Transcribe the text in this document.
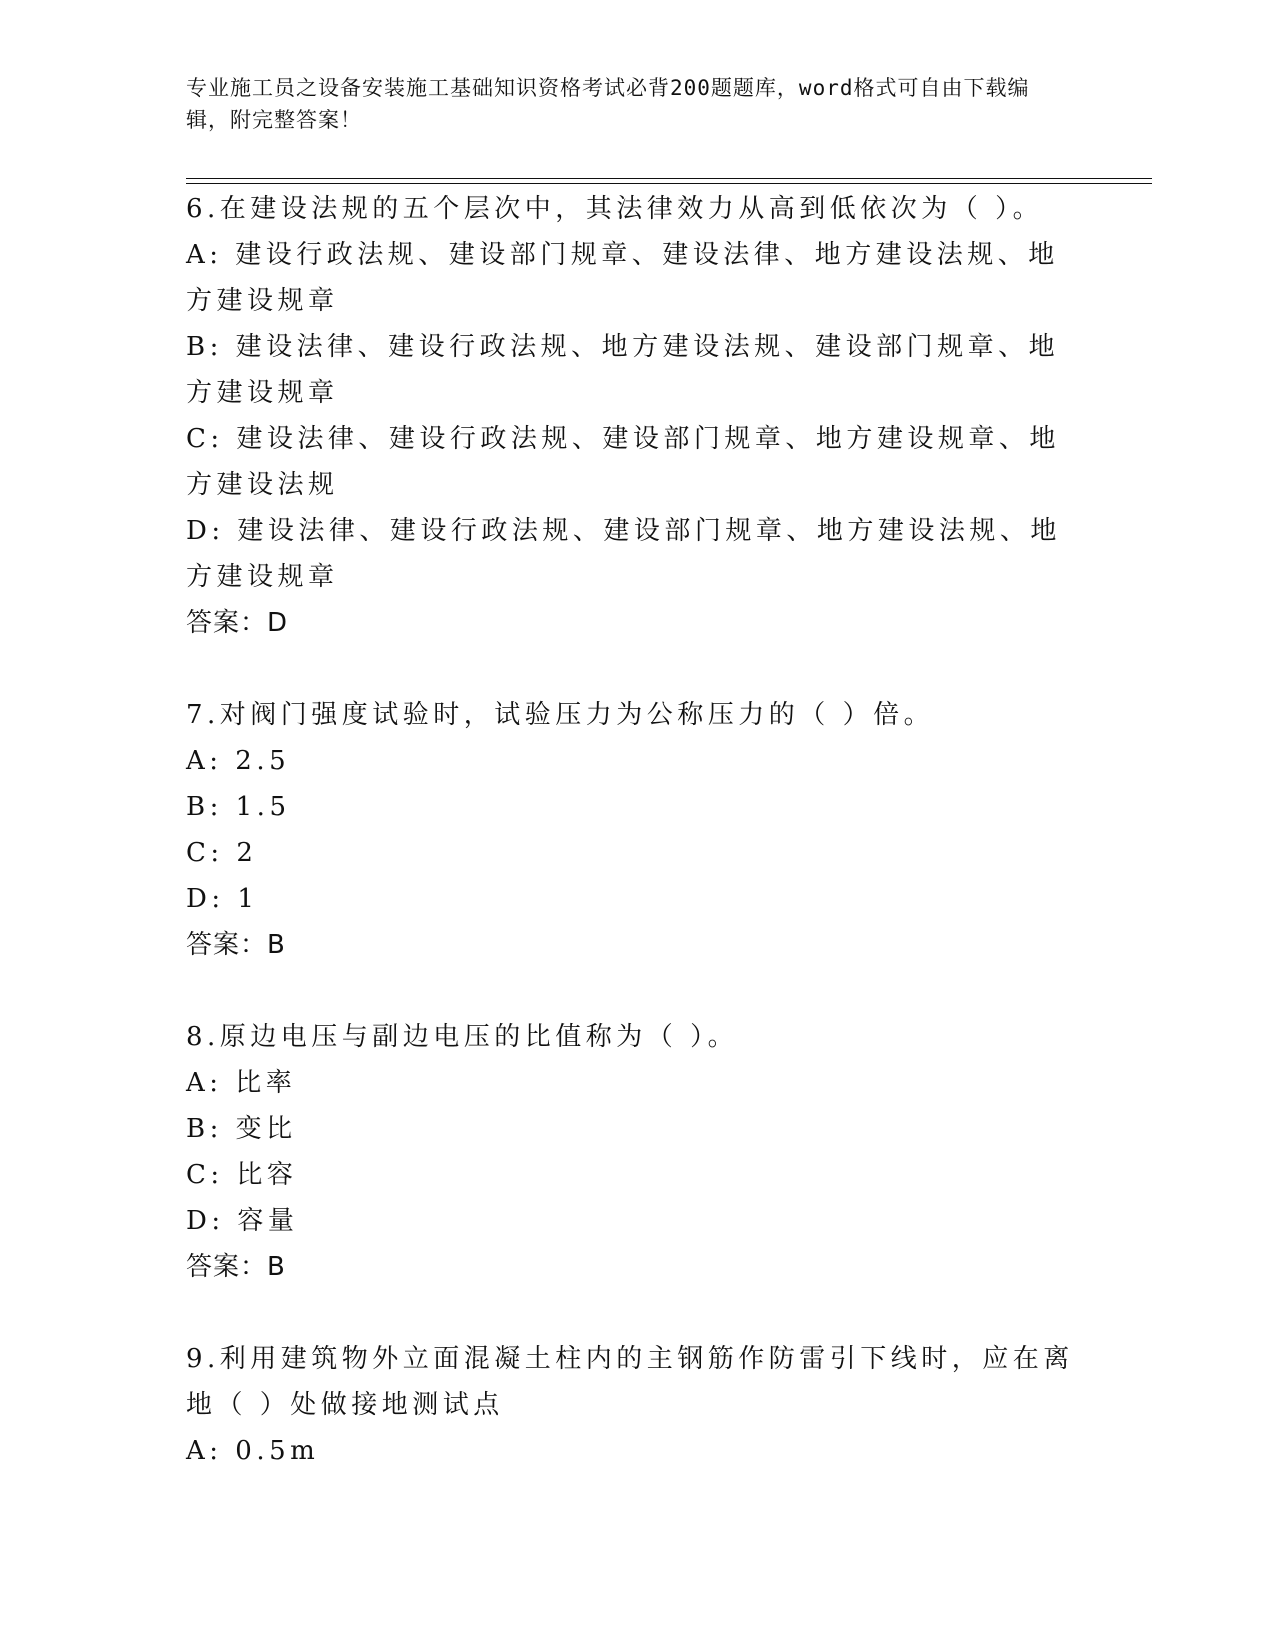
专业施工员之设备安装施工基础知识资格考试必背200题题库，word格式可自由下载编辑，附完整答案！
6.在建设法规的五个层次中，其法律效力从高到低依次为（ ）。
A: 建设行政法规、建设部门规章、建设法律、地方建设法规、地方建设规章
B: 建设法律、建设行政法规、地方建设法规、建设部门规章、地方建设规章
C: 建设法律、建设行政法规、建设部门规章、地方建设规章、地方建设法规
D: 建设法律、建设行政法规、建设部门规章、地方建设法规、地方建设规章
答案：D
7.对阀门强度试验时，试验压力为公称压力的（ ）倍。
A: 2.5
B: 1.5
C: 2
D: 1
答案：B
8.原边电压与副边电压的比值称为（ ）。
A: 比率
B: 变比
C: 比容
D: 容量
答案：B
9.利用建筑物外立面混凝土柱内的主钢筋作防雷引下线时，应在离地（ ）处做接地测试点
A: 0.5m
